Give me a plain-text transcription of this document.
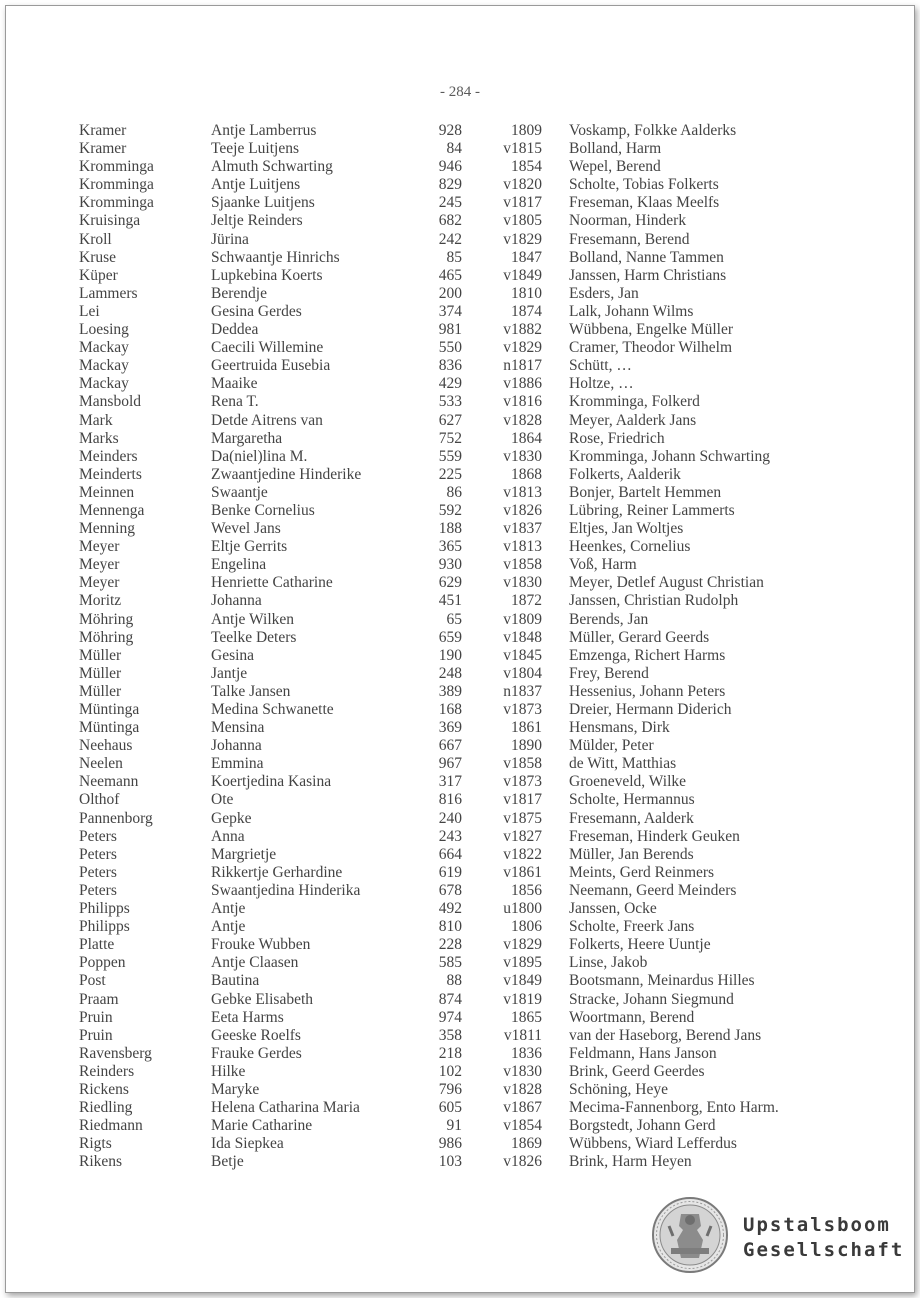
- 284 -
Kramer	Antje Lamberrus	928	1809 Voskamp, Folkke Aalderks
Kramer	Teeje Luitjens	84	v1815 Bolland, Harm
Kromminga	Almuth Schwarting	946	1854 Wepel, Berend
Kromminga	Antje Luitjens	829	v1820 Scholte, Tobias Folkerts
Kromminga	Sjaanke Luitjens	245	v1817 Freseman, Klaas Meelfs
Kruisinga	Jeltje Reinders	682	v1805 Noorman, Hinderk
Kroll	Jürina	242	v1829 Fresemann, Berend
Kruse	Schwaantje Hinrichs	85	1847 Bolland, Nanne Tammen
Küper	Lupkebina Koerts	465	v1849 Janssen, Harm Christians
Lammers	Berendje	200	1810 Esders, Jan
Lei	Gesina Gerdes	374	1874 Lalk, Johann Wilms
Loesing	Deddea	981	v1882 Wübbena, Engelke Müller
Mackay	Caecili Willemine	550	v1829 Cramer, Theodor Wilhelm
Mackay	Geertruida Eusebia	836	n1817 Schütt, …
Mackay	Maaike	429	v1886 Holtze, …
Mansbold	Rena T.	533	v1816 Kromminga, Folkerd
Mark	Detde Aitrens van	627	v1828 Meyer, Aalderk Jans
Marks	Margaretha	752	1864 Rose, Friedrich
Meinders	Da(niel)lina M.	559	v1830 Kromminga, Johann Schwarting
Meinderts	Zwaantjedine Hinderike	225	1868 Folkerts, Aalderik
Meinnen	Swaantje	86	v1813 Bonjer, Bartelt Hemmen
Mennenga	Benke Cornelius	592	v1826 Lübring, Reiner Lammerts
Menning	Wevel Jans	188	v1837 Eltjes, Jan Woltjes
Meyer	Eltje Gerrits	365	v1813 Heenkes, Cornelius
Meyer	Engelina	930	v1858 Voß, Harm
Meyer	Henriette Catharine	629	v1830 Meyer, Detlef August Christian
Moritz	Johanna	451	1872 Janssen, Christian Rudolph
Möhring	Antje Wilken	65	v1809 Berends, Jan
Möhring	Teelke Deters	659	v1848 Müller, Gerard Geerds
Müller	Gesina	190	v1845 Emzenga, Richert Harms
Müller	Jantje	248	v1804 Frey, Berend
Müller	Talke Jansen	389	n1837 Hessenius, Johann Peters
Müntinga	Medina Schwanette	168	v1873 Dreier, Hermann Diderich
Müntinga	Mensina	369	1861 Hensmans, Dirk
Neehaus	Johanna	667	1890 Mülder, Peter
Neelen	Emmina	967	v1858 de Witt, Matthias
Neemann	Koertjedina Kasina	317	v1873 Groeneveld, Wilke
Olthof	Ote	816	v1817 Scholte, Hermannus
Pannenborg	Gepke	240	v1875 Fresemann, Aalderk
Peters	Anna	243	v1827 Freseman, Hinderk Geuken
Peters	Margrietje	664	v1822 Müller, Jan Berends
Peters	Rikkertje Gerhardine	619	v1861 Meints, Gerd Reinmers
Peters	Swaantjedina Hinderika	678	1856 Neemann, Geerd Meinders
Philipps	Antje	492	u1800 Janssen, Ocke
Philipps	Antje	810	1806 Scholte, Freerk Jans
Platte	Frouke Wubben	228	v1829 Folkerts, Heere Uuntje
Poppen	Antje Claasen	585	v1895 Linse, Jakob
Post	Bautina	88	v1849 Bootsmann, Meinardus Hilles
Praam	Gebke Elisabeth	874	v1819 Stracke, Johann Siegmund
Pruin	Eeta Harms	974	1865 Woortmann, Berend
Pruin	Geeske Roelfs	358	v1811 van der Haseborg, Berend Jans
Ravensberg	Frauke Gerdes	218	1836 Feldmann, Hans Janson
Reinders	Hilke	102	v1830 Brink, Geerd Geerdes
Rickens	Maryke	796	v1828 Schöning, Heye
Riedling	Helena Catharina Maria	605	v1867 Mecima-Fannenborg, Ento Harm.
Riedmann	Marie Catharine	91	v1854 Borgstedt, Johann Gerd
Rigts	Ida Siepkea	986	1869 Wübbens, Wiard Lefferdus
Rikens	Betje	103	v1826 Brink, Harm Heyen
Upstalsboom
Gesellschaft
